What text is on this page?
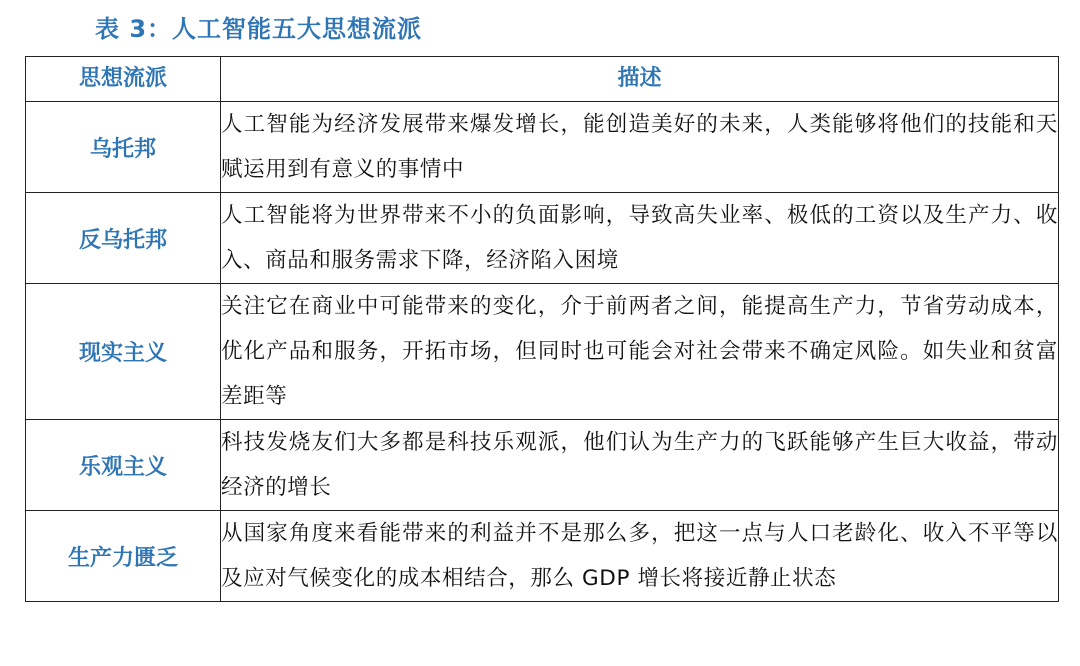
表 3：人工智能五大思想流派
思想流派	描述
乌托邦	人工智能为经济发展带来爆发增长，能创造美好的未来，人类能够将他们的技能和天赋运用到有意义的事情中
反乌托邦	人工智能将为世界带来不小的负面影响，导致高失业率、极低的工资以及生产力、收入、商品和服务需求下降，经济陷入困境
现实主义	关注它在商业中可能带来的变化，介于前两者之间，能提高生产力，节省劳动成本，优化产品和服务，开拓市场，但同时也可能会对社会带来不确定风险。如失业和贫富差距等
乐观主义	科技发烧友们大多都是科技乐观派，他们认为生产力的飞跃能够产生巨大收益，带动经济的增长
生产力匮乏	从国家角度来看能带来的利益并不是那么多，把这一点与人口老龄化、收入不平等以及应对气候变化的成本相结合，那么 GDP 增长将接近静止状态
